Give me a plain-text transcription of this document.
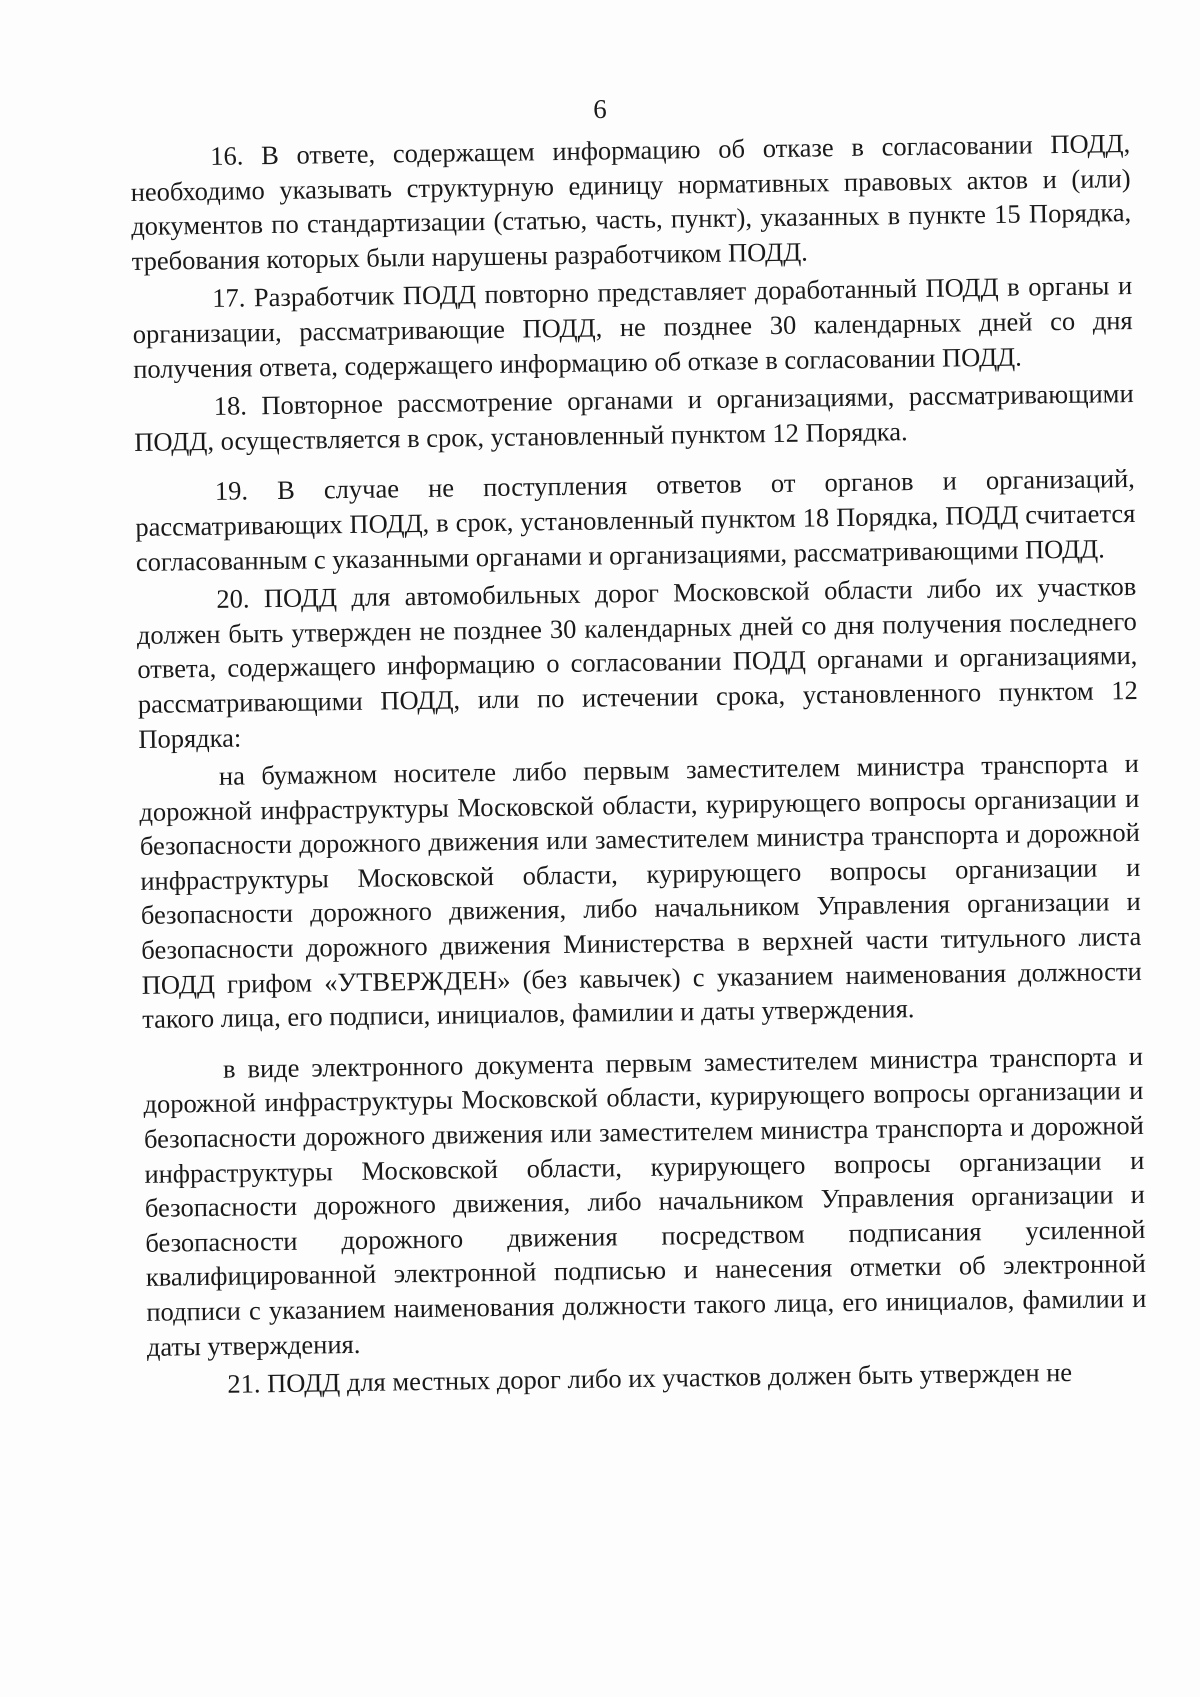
6

16. В ответе, содержащем информацию об отказе в согласовании ПОДД, необходимо указывать структурную единицу нормативных правовых актов и (или) документов по стандартизации (статью, часть, пункт), указанных в пункте 15 Порядка, требования которых были нарушены разработчиком ПОДД.

17. Разработчик ПОДД повторно представляет доработанный ПОДД в органы и организации, рассматривающие ПОДД, не позднее 30 календарных дней со дня получения ответа, содержащего информацию об отказе в согласовании ПОДД.

18. Повторное рассмотрение органами и организациями, рассматривающими ПОДД, осуществляется в срок, установленный пунктом 12 Порядка.

19. В случае не поступления ответов от органов и организаций, рассматривающих ПОДД, в срок, установленный пунктом 18 Порядка, ПОДД считается согласованным с указанными органами и организациями, рассматривающими ПОДД.

20. ПОДД для автомобильных дорог Московской области либо их участков должен быть утвержден не позднее 30 календарных дней со дня получения последнего ответа, содержащего информацию о согласовании ПОДД органами и организациями, рассматривающими ПОДД, или по истечении срока, установленного пунктом 12 Порядка:

на бумажном носителе либо первым заместителем министра транспорта и дорожной инфраструктуры Московской области, курирующего вопросы организации и безопасности дорожного движения или заместителем министра транспорта и дорожной инфраструктуры Московской области, курирующего вопросы организации и безопасности дорожного движения, либо начальником Управления организации и безопасности дорожного движения Министерства в верхней части титульного листа ПОДД грифом «УТВЕРЖДЕН» (без кавычек) с указанием наименования должности такого лица, его подписи, инициалов, фамилии и даты утверждения.

в виде электронного документа первым заместителем министра транспорта и дорожной инфраструктуры Московской области, курирующего вопросы организации и безопасности дорожного движения или заместителем министра транспорта и дорожной инфраструктуры Московской области, курирующего вопросы организации и безопасности дорожного движения, либо начальником Управления организации и безопасности дорожного движения посредством подписания усиленной квалифицированной электронной подписью и нанесения отметки об электронной подписи с указанием наименования должности такого лица, его инициалов, фамилии и даты утверждения.

21. ПОДД для местных дорог либо их участков должен быть утвержден не
